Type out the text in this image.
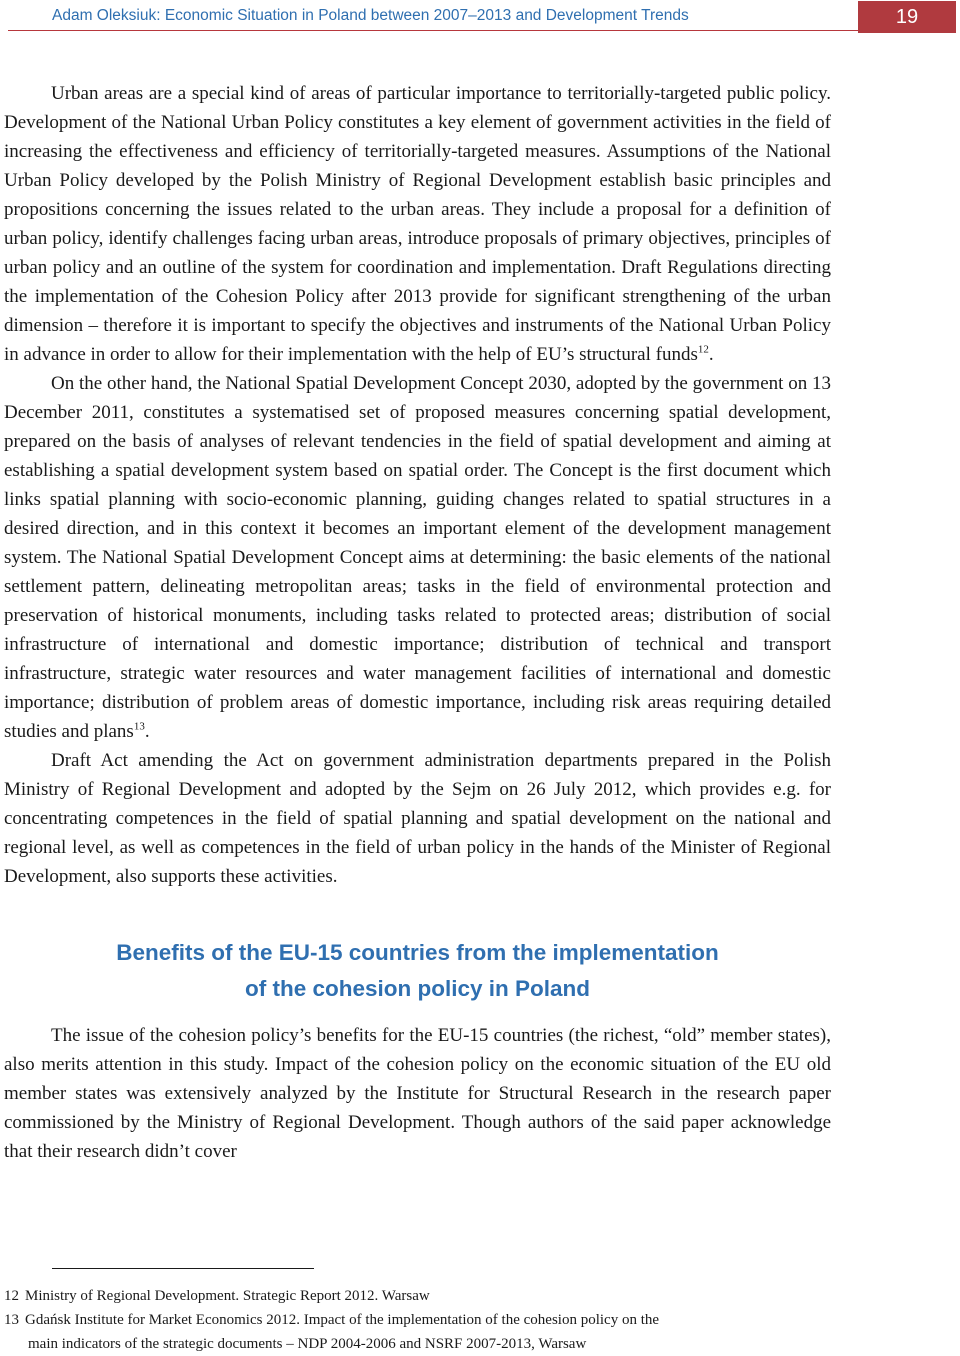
Adam Oleksiuk: Economic Situation in Poland between 2007–2013 and Development Trends	19

Urban areas are a special kind of areas of particular importance to territorially-targeted public policy. Development of the National Urban Policy constitutes a key element of government activities in the field of increasing the effectiveness and efficiency of territorially-targeted measures. Assumptions of the National Urban Policy developed by the Polish Ministry of Regional Development establish basic principles and propositions concerning the issues related to the urban areas. They include a proposal for a definition of urban policy, identify challenges facing urban areas, introduce proposals of primary objectives, principles of urban policy and an outline of the system for coordination and implementation. Draft Regulations directing the implementation of the Cohesion Policy after 2013 provide for significant strengthening of the urban dimension – therefore it is important to specify the objectives and instruments of the National Urban Policy in advance in order to allow for their implementation with the help of EU’s structural funds$^{12}$.

On the other hand, the National Spatial Development Concept 2030, adopted by the government on 13 December 2011, constitutes a systematised set of proposed measures concerning spatial development, prepared on the basis of analyses of relevant tendencies in the field of spatial development and aiming at establishing a spatial development system based on spatial order. The Concept is the first document which links spatial planning with socio-economic planning, guiding changes related to spatial structures in a desired direction, and in this context it becomes an important element of the development management system. The National Spatial Development Concept aims at determining: the basic elements of the national settlement pattern, delineating metropolitan areas; tasks in the field of environmental protection and preservation of historical monuments, including tasks related to protected areas; distribution of social infrastructure of international and domestic importance; distribution of technical and transport infrastructure, strategic water resources and water management facilities of international and domestic importance; distribution of problem areas of domestic importance, including risk areas requiring detailed studies and plans$^{13}$.

Draft Act amending the Act on government administration departments prepared in the Polish Ministry of Regional Development and adopted by the Sejm on 26 July 2012, which provides e.g. for concentrating competences in the field of spatial planning and spatial development on the national and regional level, as well as competences in the field of urban policy in the hands of the Minister of Regional Development, also supports these activities.

Benefits of the EU-15 countries from the implementation
of the cohesion policy in Poland

The issue of the cohesion policy’s benefits for the EU-15 countries (the richest, “old” member states), also merits attention in this study. Impact of the cohesion policy on the economic situation of the EU old member states was extensively analyzed by the Institute for Structural Research in the research paper commissioned by the Ministry of Regional Development. Though authors of the said paper acknowledge that their research didn’t cover

12 Ministry of Regional Development. Strategic Report 2012. Warsaw

13 Gdańsk Institute for Market Economics 2012. Impact of the implementation of the cohesion policy on the

main indicators of the strategic documents – NDP 2004-2006 and NSRF 2007-2013, Warsaw
